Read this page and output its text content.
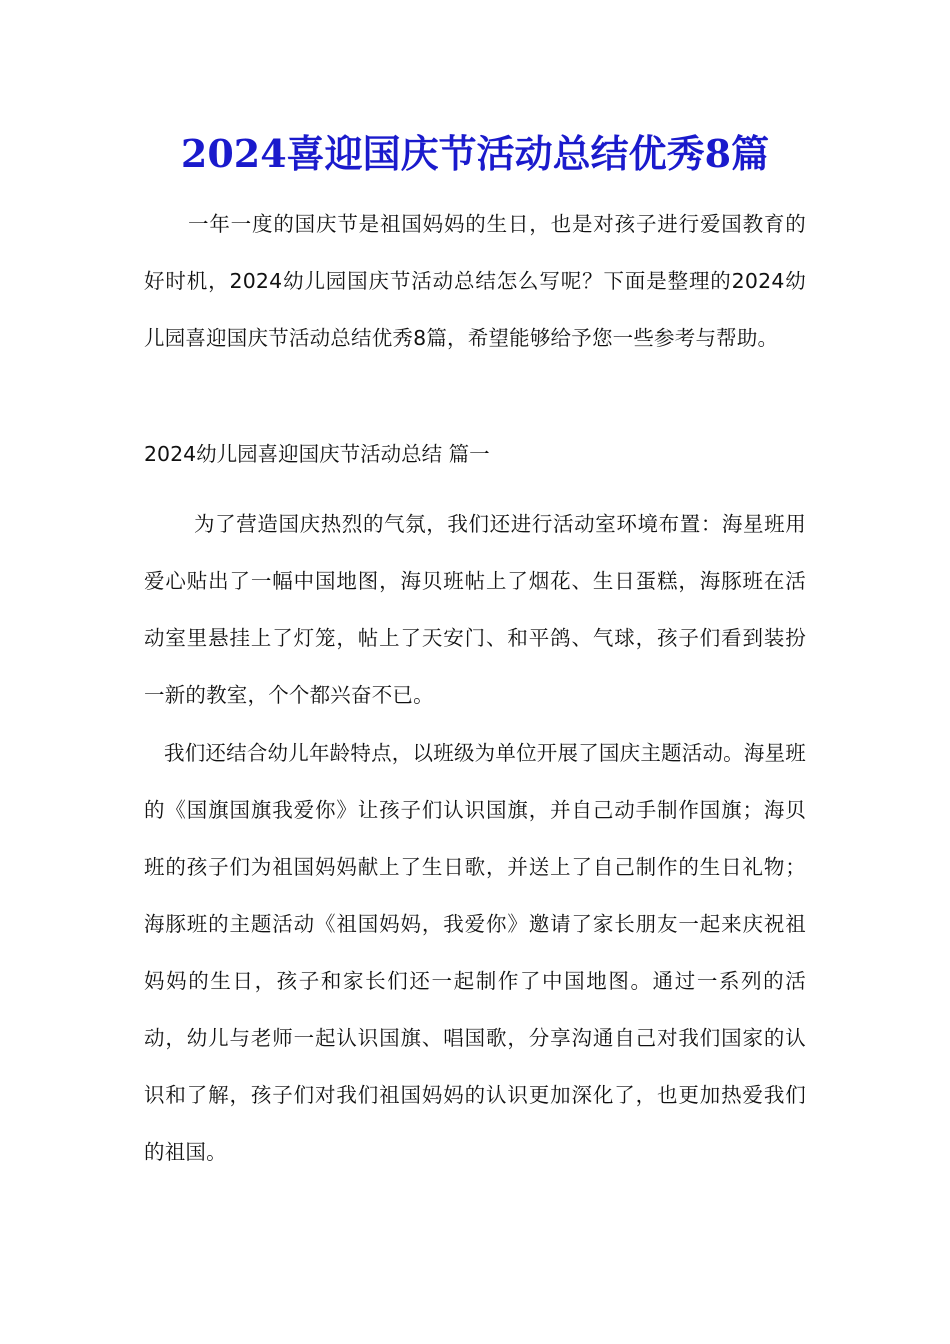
2024喜迎国庆节活动总结优秀8篇

一年一度的国庆节是祖国妈妈的生日，也是对孩子进行爱国教育的好时机，2024幼儿园国庆节活动总结怎么写呢？下面是整理的2024幼儿园喜迎国庆节活动总结优秀8篇，希望能够给予您一些参考与帮助。

2024幼儿园喜迎国庆节活动总结 篇一

为了营造国庆热烈的气氛，我们还进行活动室环境布置：海星班用爱心贴出了一幅中国地图，海贝班帖上了烟花、生日蛋糕，海豚班在活动室里悬挂上了灯笼，帖上了天安门、和平鸽、气球，孩子们看到装扮一新的教室，个个都兴奋不已。

我们还结合幼儿年龄特点，以班级为单位开展了国庆主题活动。海星班的《国旗国旗我爱你》让孩子们认识国旗，并自己动手制作国旗；海贝班的孩子们为祖国妈妈献上了生日歌，并送上了自己制作的生日礼物；海豚班的主题活动《祖国妈妈，我爱你》邀请了家长朋友一起来庆祝祖妈妈的生日，孩子和家长们还一起制作了中国地图。通过一系列的活动，幼儿与老师一起认识国旗、唱国歌，分享沟通自己对我们国家的认识和了解，孩子们对我们祖国妈妈的认识更加深化了，也更加热爱我们的祖国。
